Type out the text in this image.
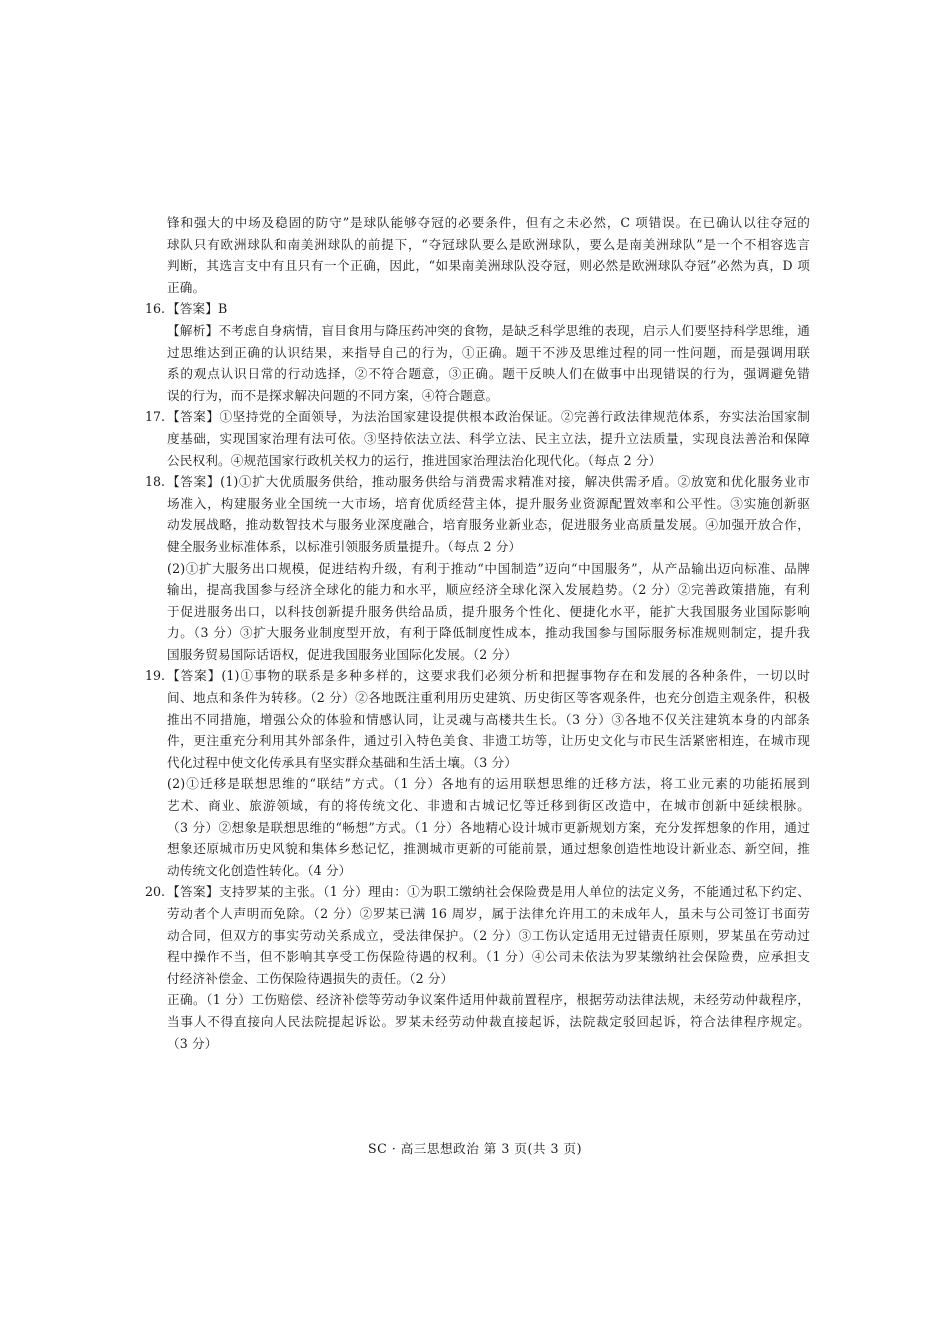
锋和强大的中场及稳固的防守”是球队能够夺冠的必要条件，但有之未必然，C 项错误。在已确认以往夺冠的
球队只有欧洲球队和南美洲球队的前提下，“夺冠球队要么是欧洲球队，要么是南美洲球队”是一个不相容选言
判断，其选言支中有且只有一个正确，因此，“如果南美洲球队没夺冠，则必然是欧洲球队夺冠”必然为真，D 项
正确。
16. 【答案】B
【解析】不考虑自身病情，盲目食用与降压药冲突的食物，是缺乏科学思维的表现，启示人们要坚持科学思维，通
过思维达到正确的认识结果，来指导自己的行为，①正确。题干不涉及思维过程的同一性问题，而是强调用联
系的观点认识日常的行动选择，②不符合题意，③正确。题干反映人们在做事中出现错误的行为，强调避免错
误的行为，而不是探求解决问题的不同方案，④符合题意。
17. 【答案】①坚持党的全面领导，为法治国家建设提供根本政治保证。②完善行政法律规范体系，夯实法治国家制
度基础，实现国家治理有法可依。③坚持依法立法、科学立法、民主立法，提升立法质量，实现良法善治和保障
公民权利。④规范国家行政机关权力的运行，推进国家治理法治化现代化。（每点 2 分）
18. 【答案】(1)①扩大优质服务供给，推动服务供给与消费需求精准对接，解决供需矛盾。②放宽和优化服务业市
场准入，构建服务业全国统一大市场，培育优质经营主体，提升服务业资源配置效率和公平性。③实施创新驱
动发展战略，推动数智技术与服务业深度融合，培育服务业新业态，促进服务业高质量发展。④加强开放合作，
健全服务业标准体系，以标准引领服务质量提升。（每点 2 分）
(2)①扩大服务出口规模，促进结构升级，有利于推动“中国制造”迈向“中国服务”，从产品输出迈向标准、品牌
输出，提高我国参与经济全球化的能力和水平，顺应经济全球化深入发展趋势。（2 分）②完善政策措施，有利
于促进服务出口，以科技创新提升服务供给品质，提升服务个性化、便捷化水平，能扩大我国服务业国际影响
力。（3 分）③扩大服务业制度型开放，有利于降低制度性成本，推动我国参与国际服务标准规则制定，提升我
国服务贸易国际话语权，促进我国服务业国际化发展。（2 分）
19. 【答案】(1)①事物的联系是多种多样的，这要求我们必须分析和把握事物存在和发展的各种条件，一切以时
间、地点和条件为转移。（2 分）②各地既注重利用历史建筑、历史街区等客观条件，也充分创造主观条件，积极
推出不同措施，增强公众的体验和情感认同，让灵魂与高楼共生长。（3 分）③各地不仅关注建筑本身的内部条
件，更注重充分利用其外部条件，通过引入特色美食、非遗工坊等，让历史文化与市民生活紧密相连，在城市现
代化过程中使文化传承具有坚实群众基础和生活土壤。（3 分）
(2)①迁移是联想思维的“联结”方式。（1 分）各地有的运用联想思维的迁移方法，将工业元素的功能拓展到
艺术、商业、旅游领域，有的将传统文化、非遗和古城记忆等迁移到街区改造中，在城市创新中延续根脉。
（3 分）②想象是联想思维的“畅想”方式。（1 分）各地精心设计城市更新规划方案，充分发挥想象的作用，通过
想象还原城市历史风貌和集体乡愁记忆，推测城市更新的可能前景，通过想象创造性地设计新业态、新空间，推
动传统文化创造性转化。（4 分）
20. 【答案】支持罗某的主张。（1 分）理由：①为职工缴纳社会保险费是用人单位的法定义务，不能通过私下约定、
劳动者个人声明而免除。（2 分）②罗某已满 16 周岁，属于法律允许用工的未成年人，虽未与公司签订书面劳
动合同，但双方的事实劳动关系成立，受法律保护。（2 分）③工伤认定适用无过错责任原则，罗某虽在劳动过
程中操作不当，但不影响其享受工伤保险待遇的权利。（1 分）④公司未依法为罗某缴纳社会保险费，应承担支
付经济补偿金、工伤保险待遇损失的责任。（2 分）
正确。（1 分）工伤赔偿、经济补偿等劳动争议案件适用仲裁前置程序，根据劳动法律法规，未经劳动仲裁程序，
当事人不得直接向人民法院提起诉讼。罗某未经劳动仲裁直接起诉，法院裁定驳回起诉，符合法律程序规定。
（3 分）
SC · 高三思想政治 第 3 页(共 3 页)
